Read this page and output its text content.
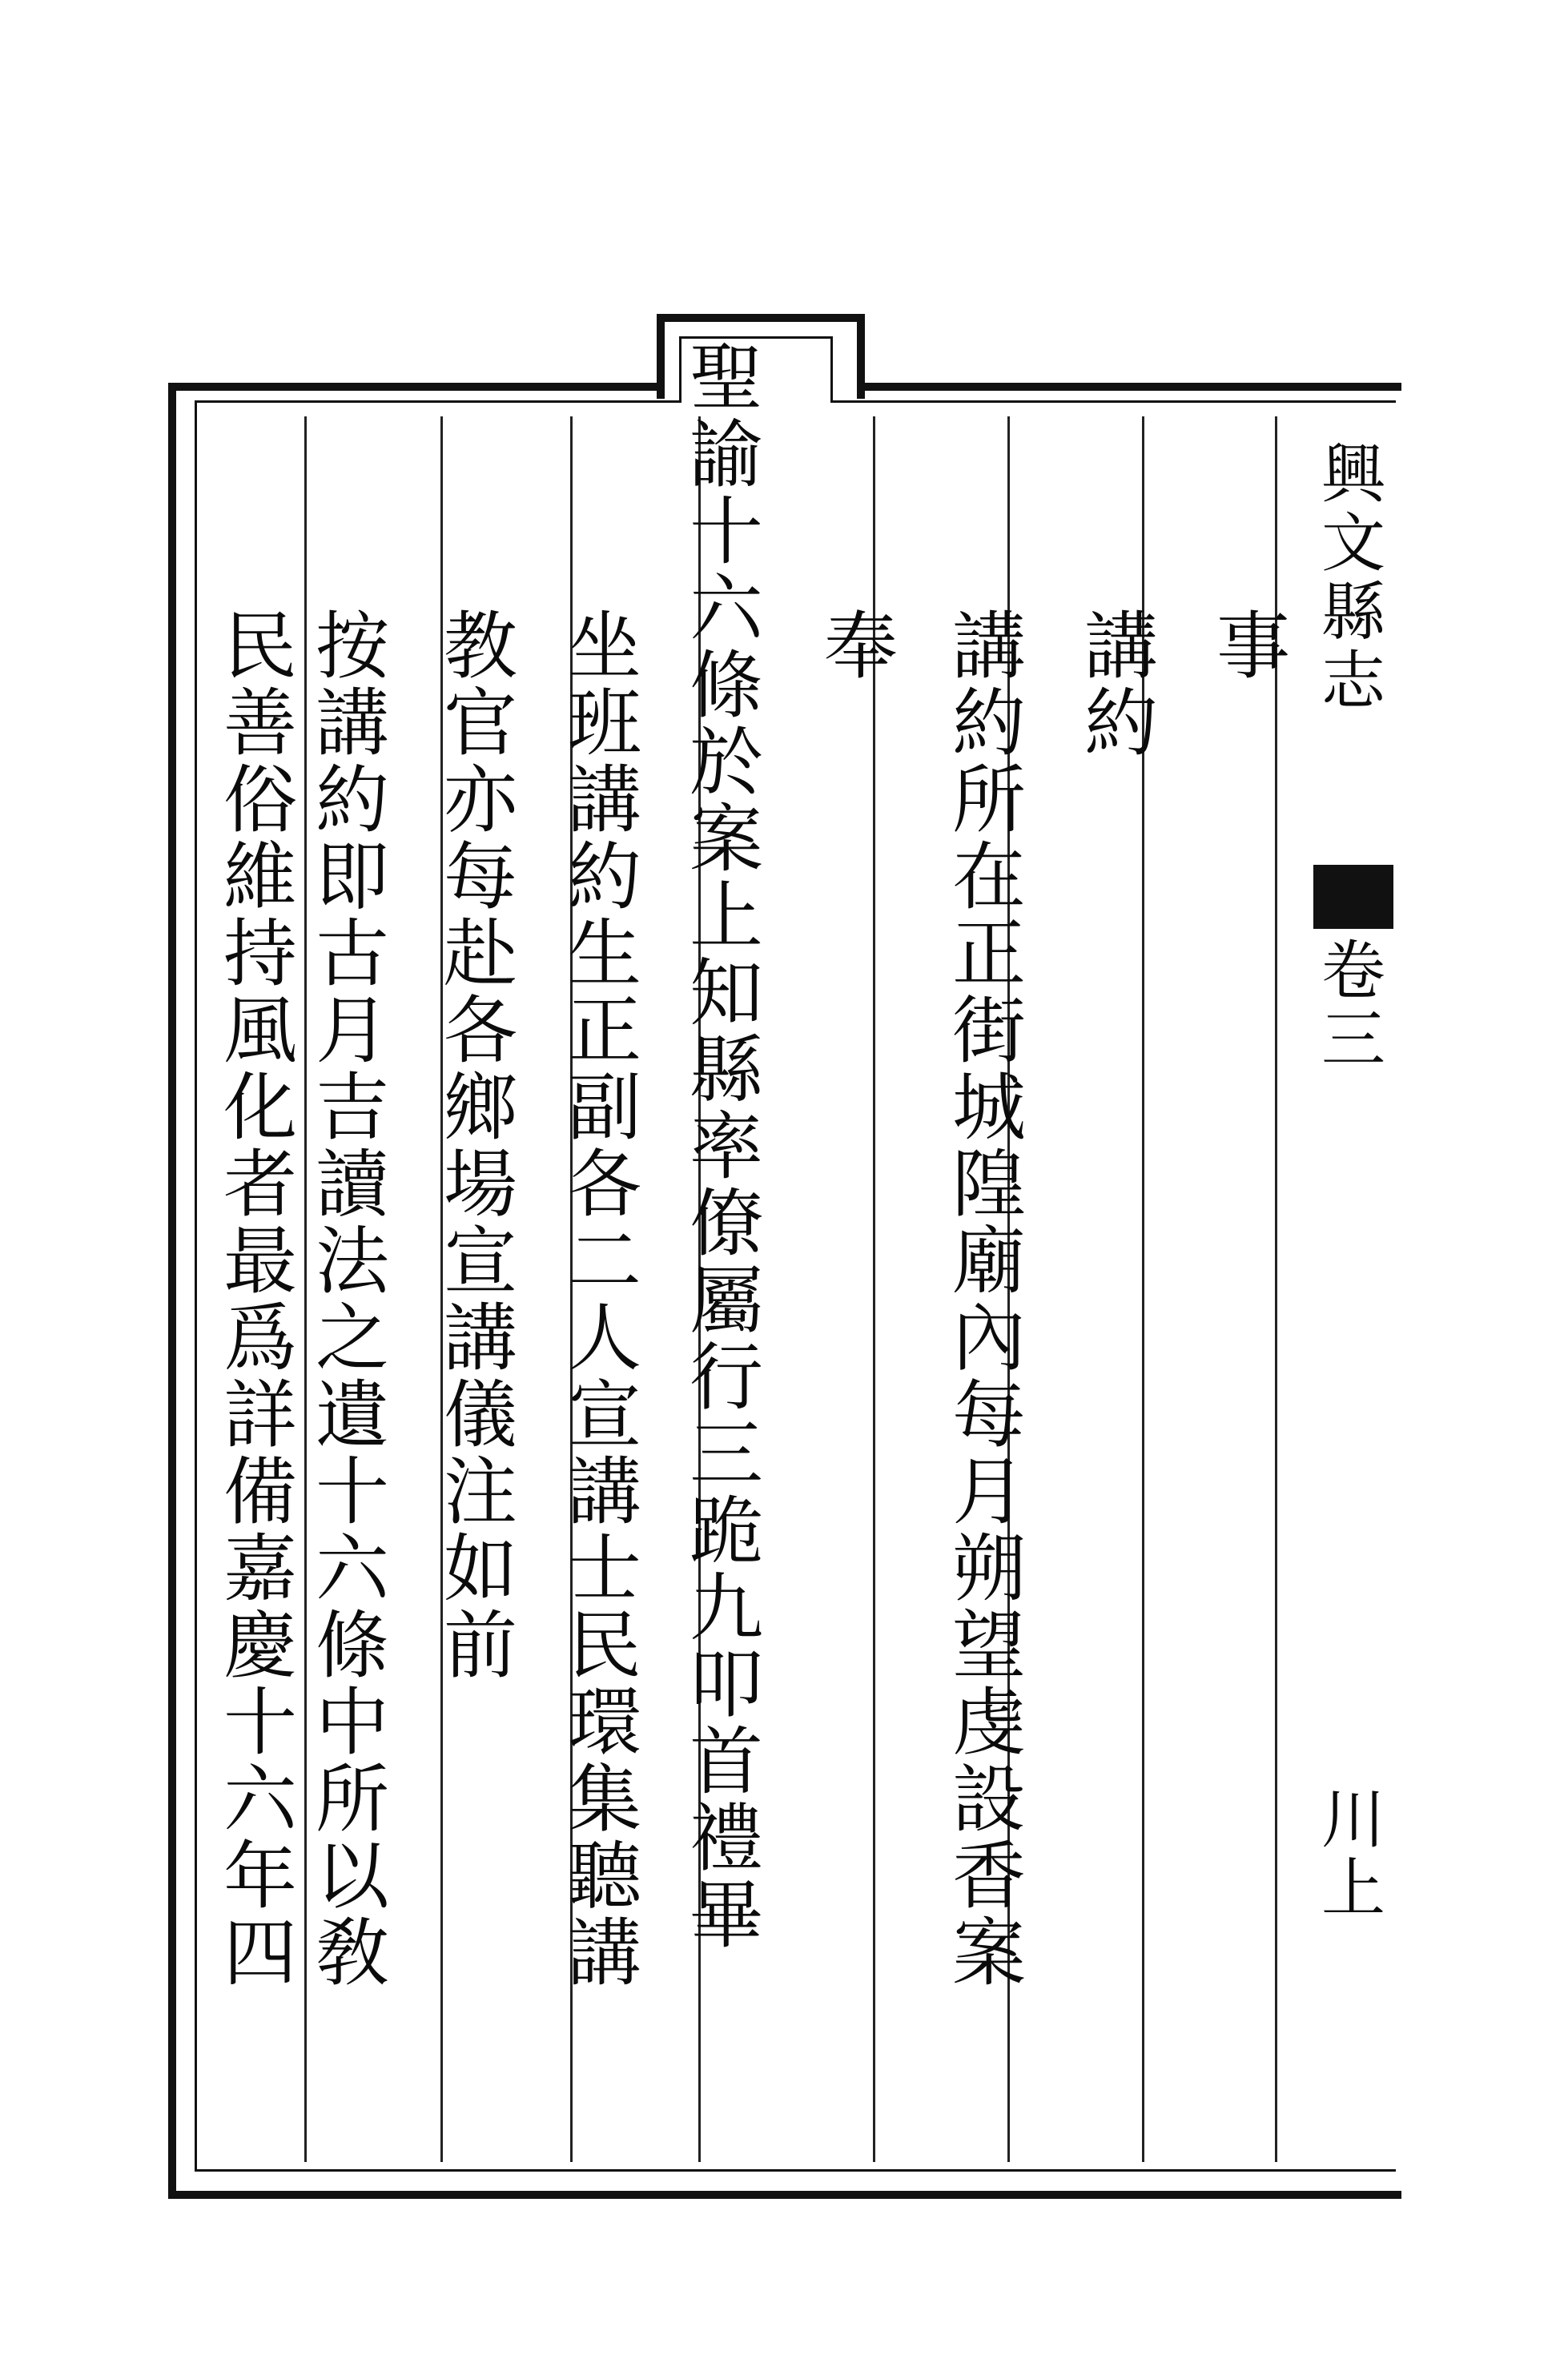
興
文
縣
志
卷
三
川
上
事
講
約
講
約
所
在
正
街
城
隍
廟
內
每
月
朔
望
虔
設
香
案
奉
聖
諭
十
六
條
於
案
上
知
縣
率
僚
屬
行
三
跪
九
叩
首
禮
畢
坐
班
講
約
生
正
副
各
二
人
宣
講
士
民
環
集
聽
講
教
官
亦
每
赴
各
鄉
場
宣
講
儀
注
如
前
按
講
約
即
古
月
吉
讀
法
之
遺
十
六
條
中
所
以
敎
民
善
俗
維
持
風
化
者
最
爲
詳
備
嘉
慶
十
六
年
四
